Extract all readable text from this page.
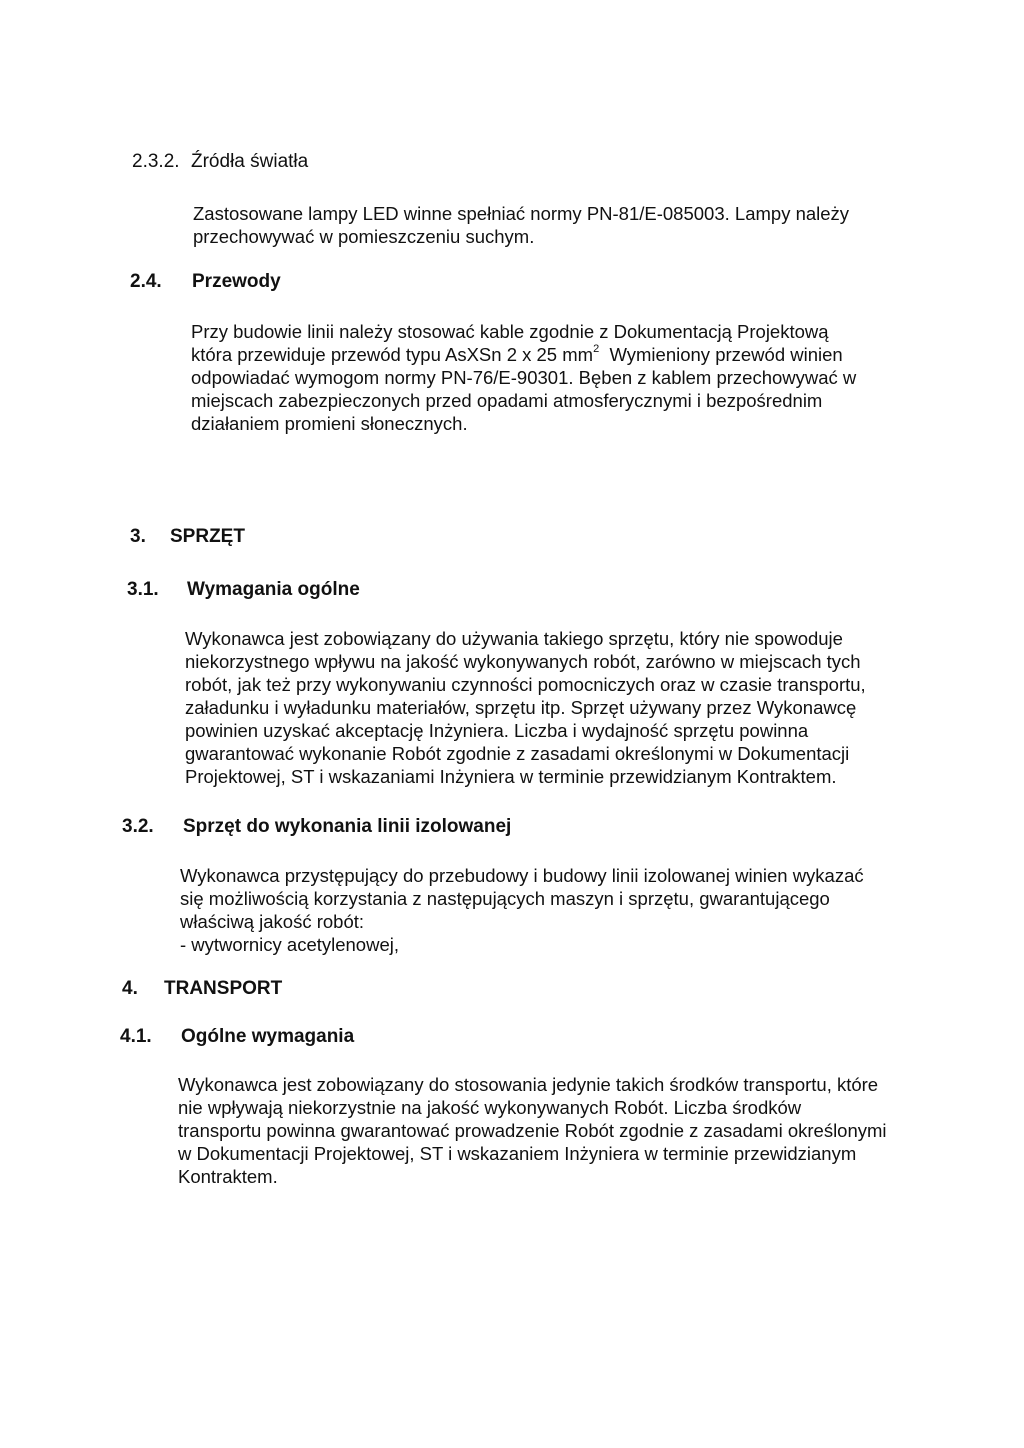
2.3.2. Źródła światła
Zastosowane lampy LED winne spełniać normy PN-81/E-085003. Lampy należy
przechowywać w pomieszczeniu suchym.
2.4. Przewody
Przy budowie linii należy stosować kable zgodnie z Dokumentacją Projektową
która przewiduje przewód typu AsXSn 2 x 25 $mm^2$ Wymieniony przewód winien
odpowiadać wymogom normy PN-76/E-90301. Bęben z kablem przechowywać w
miejscach zabezpieczonych przed opadami atmosferycznymi i bezpośrednim
działaniem promieni słonecznych.
3. SPRZĘT
3.1. Wymagania ogólne
Wykonawca jest zobowiązany do używania takiego sprzętu, który nie spowoduje
niekorzystnego wpływu na jakość wykonywanych robót, zarówno w miejscach tych
robót, jak też przy wykonywaniu czynności pomocniczych oraz w czasie transportu,
załadunku i wyładunku materiałów, sprzętu itp. Sprzęt używany przez Wykonawcę
powinien uzyskać akceptację Inżyniera. Liczba i wydajność sprzętu powinna
gwarantować wykonanie Robót zgodnie z zasadami określonymi w Dokumentacji
Projektowej, ST i wskazaniami Inżyniera w terminie przewidzianym Kontraktem.
3.2. Sprzęt do wykonania linii izolowanej
Wykonawca przystępujący do przebudowy i budowy linii izolowanej winien wykazać
się możliwością korzystania z następujących maszyn i sprzętu, gwarantującego
właściwą jakość robót:
- wytwornicy acetylenowej,
4. TRANSPORT
4.1. Ogólne wymagania
Wykonawca jest zobowiązany do stosowania jedynie takich środków transportu, które
nie wpływają niekorzystnie na jakość wykonywanych Robót. Liczba środków
transportu powinna gwarantować prowadzenie Robót zgodnie z zasadami określonymi
w Dokumentacji Projektowej, ST i wskazaniem Inżyniera w terminie przewidzianym
Kontraktem.
